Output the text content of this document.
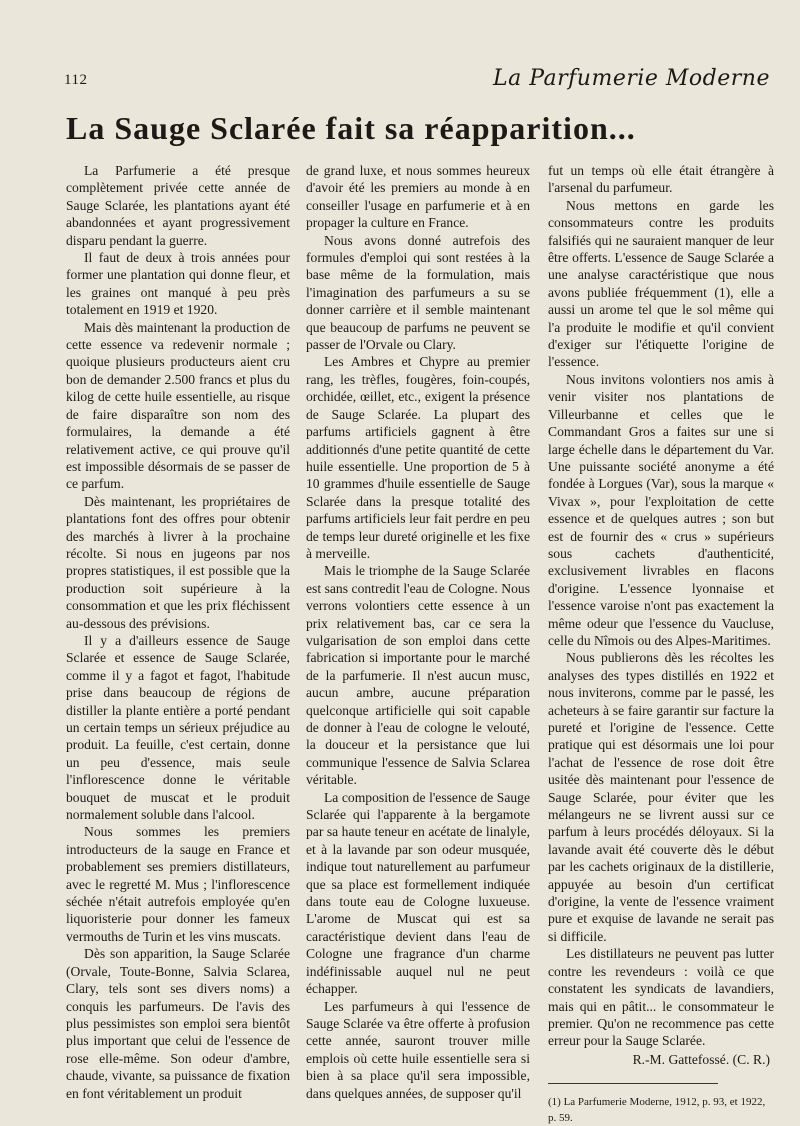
112	La Parfumerie Moderne
La Sauge Sclarée fait sa réapparition...

La Parfumerie a été presque complètement privée cette année de Sauge Sclarée, les plantations ayant été abandonnées et ayant progressivement disparu pendant la guerre.

Il faut de deux à trois années pour former une plantation qui donne fleur, et les graines ont manqué à peu près totalement en 1919 et 1920.

Mais dès maintenant la production de cette essence va redevenir normale ; quoique plusieurs producteurs aient cru bon de demander 2.500 francs et plus du kilog de cette huile essentielle, au risque de faire disparaître son nom des formulaires, la demande a été relativement active, ce qui prouve qu'il est impossible désormais de se passer de ce parfum.

Dès maintenant, les propriétaires de plantations font des offres pour obtenir des marchés à livrer à la prochaine récolte. Si nous en jugeons par nos propres statistiques, il est possible que la production soit supérieure à la consommation et que les prix fléchissent au-dessous des prévisions.

Il y a d'ailleurs essence de Sauge Sclarée et essence de Sauge Sclarée, comme il y a fagot et fagot, l'habitude prise dans beaucoup de régions de distiller la plante entière a porté pendant un certain temps un sérieux préjudice au produit. La feuille, c'est certain, donne un peu d'essence, mais seule l'inflorescence donne le véritable bouquet de muscat et le produit normalement soluble dans l'alcool.

Nous sommes les premiers introducteurs de la sauge en France et probablement ses premiers distillateurs, avec le regretté M. Mus ; l'inflorescence séchée n'était autrefois employée qu'en liquoristerie pour donner les fameux vermouths de Turin et les vins muscats.

Dès son apparition, la Sauge Sclarée (Orvale, Toute-Bonne, Salvia Sclarea, Clary, tels sont ses divers noms) a conquis les parfumeurs. De l'avis des plus pessimistes son emploi sera bientôt plus important que celui de l'essence de rose elle-même. Son odeur d'ambre, chaude, vivante, sa puissance de fixation en font véritablement un produit

de grand luxe, et nous sommes heureux d'avoir été les premiers au monde à en conseiller l'usage en parfumerie et à en propager la culture en France.

Nous avons donné autrefois des formules d'emploi qui sont restées à la base même de la formulation, mais l'imagination des parfumeurs a su se donner carrière et il semble maintenant que beaucoup de parfums ne peuvent se passer de l'Orvale ou Clary.

Les Ambres et Chypre au premier rang, les trèfles, fougères, foin-coupés, orchidée, œillet, etc., exigent la présence de Sauge Sclarée. La plupart des parfums artificiels gagnent à être additionnés d'une petite quantité de cette huile essentielle. Une proportion de 5 à 10 grammes d'huile essentielle de Sauge Sclarée dans la presque totalité des parfums artificiels leur fait perdre en peu de temps leur dureté originelle et les fixe à merveille.

Mais le triomphe de la Sauge Sclarée est sans contredit l'eau de Cologne. Nous verrons volontiers cette essence à un prix relativement bas, car ce sera la vulgarisation de son emploi dans cette fabrication si importante pour le marché de la parfumerie. Il n'est aucun musc, aucun ambre, aucune préparation quelconque artificielle qui soit capable de donner à l'eau de cologne le velouté, la douceur et la persistance que lui communique l'essence de Salvia Sclarea véritable.

La composition de l'essence de Sauge Sclarée qui l'apparente à la bergamote par sa haute teneur en acétate de linalyle, et à la lavande par son odeur musquée, indique tout naturellement au parfumeur que sa place est formellement indiquée dans toute eau de Cologne luxueuse. L'arome de Muscat qui est sa caractéristique devient dans l'eau de Cologne une fragrance d'un charme indéfinissable auquel nul ne peut échapper.

Les parfumeurs à qui l'essence de Sauge Sclarée va être offerte à profusion cette année, sauront trouver mille emplois où cette huile essentielle sera si bien à sa place qu'il sera impossible, dans quelques années, de supposer qu'il

fut un temps où elle était étrangère à l'arsenal du parfumeur.

Nous mettons en garde les consommateurs contre les produits falsifiés qui ne sauraient manquer de leur être offerts. L'essence de Sauge Sclarée a une analyse caractéristique que nous avons publiée fréquemment (1), elle a aussi un arome tel que le sol même qui l'a produite le modifie et qu'il convient d'exiger sur l'étiquette l'origine de l'essence.

Nous invitons volontiers nos amis à venir visiter nos plantations de Villeurbanne et celles que le Commandant Gros a faites sur une si large échelle dans le département du Var. Une puissante société anonyme a été fondée à Lorgues (Var), sous la marque « Vivax », pour l'exploitation de cette essence et de quelques autres ; son but est de fournir des « crus » supérieurs sous cachets d'authenticité, exclusivement livrables en flacons d'origine. L'essence lyonnaise et l'essence varoise n'ont pas exactement la même odeur que l'essence du Vaucluse, celle du Nîmois ou des Alpes-Maritimes.

Nous publierons dès les récoltes les analyses des types distillés en 1922 et nous inviterons, comme par le passé, les acheteurs à se faire garantir sur facture la pureté et l'origine de l'essence. Cette pratique qui est désormais une loi pour l'achat de l'essence de rose doit être usitée dès maintenant pour l'essence de Sauge Sclarée, pour éviter que les mélangeurs ne se livrent aussi sur ce parfum à leurs procédés déloyaux. Si la lavande avait été couverte dès le début par les cachets originaux de la distillerie, appuyée au besoin d'un certificat d'origine, la vente de l'essence vraiment pure et exquise de lavande ne serait pas si difficile.

Les distillateurs ne peuvent pas lutter contre les revendeurs : voilà ce que constatent les syndicats de lavandiers, mais qui en pâtit... le consommateur le premier. Qu'on ne recommence pas cette erreur pour la Sauge Sclarée.

R.-M. Gattefossé. (C. R.)
(1) La Parfumerie Moderne, 1912, p. 93, et 1922, p. 59.
